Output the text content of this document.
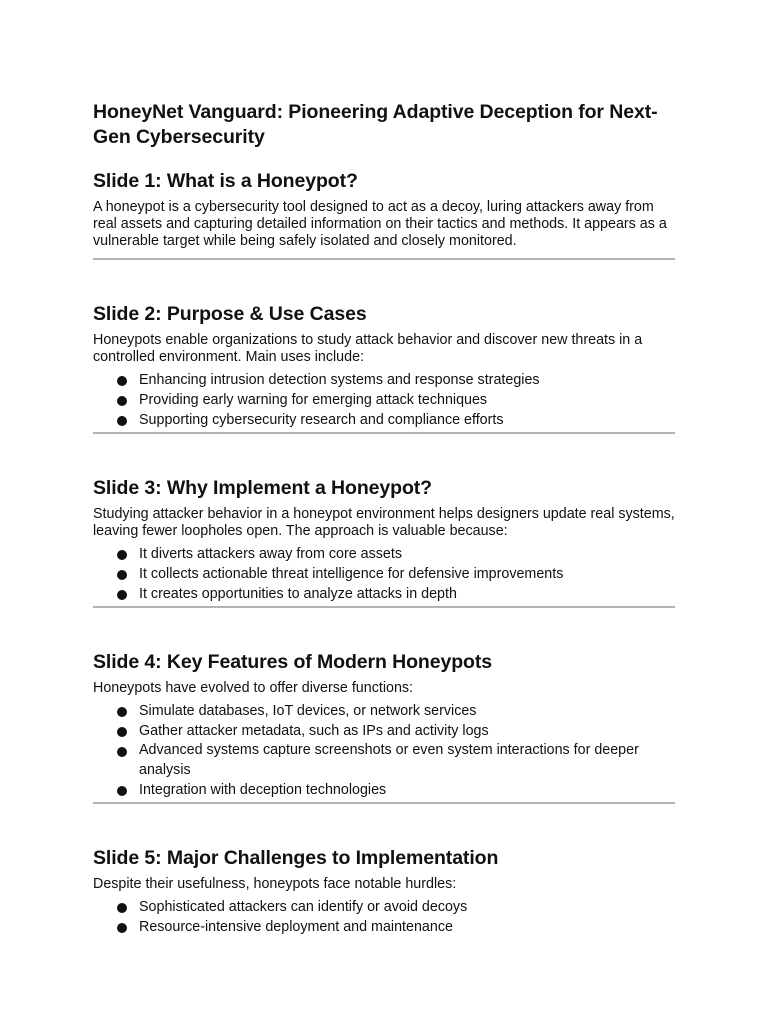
HoneyNet Vanguard: Pioneering Adaptive Deception for Next-Gen Cybersecurity
Slide 1: What is a Honeypot?

A honeypot is a cybersecurity tool designed to act as a decoy, luring attackers away from real assets and capturing detailed information on their tactics and methods. It appears as a vulnerable target while being safely isolated and closely monitored.

Slide 2: Purpose & Use Cases

Honeypots enable organizations to study attack behavior and discover new threats in a controlled environment. Main uses include:

Enhancing intrusion detection systems and response strategies
Providing early warning for emerging attack techniques
Supporting cybersecurity research and compliance efforts
Slide 3: Why Implement a Honeypot?

Studying attacker behavior in a honeypot environment helps designers update real systems, leaving fewer loopholes open. The approach is valuable because:

It diverts attackers away from core assets
It collects actionable threat intelligence for defensive improvements
It creates opportunities to analyze attacks in depth
Slide 4: Key Features of Modern Honeypots

Honeypots have evolved to offer diverse functions:

Simulate databases, IoT devices, or network services
Gather attacker metadata, such as IPs and activity logs
Advanced systems capture screenshots or even system interactions for deeper analysis
Integration with deception technologies
Slide 5: Major Challenges to Implementation

Despite their usefulness, honeypots face notable hurdles:

Sophisticated attackers can identify or avoid decoys
Resource-intensive deployment and maintenance
